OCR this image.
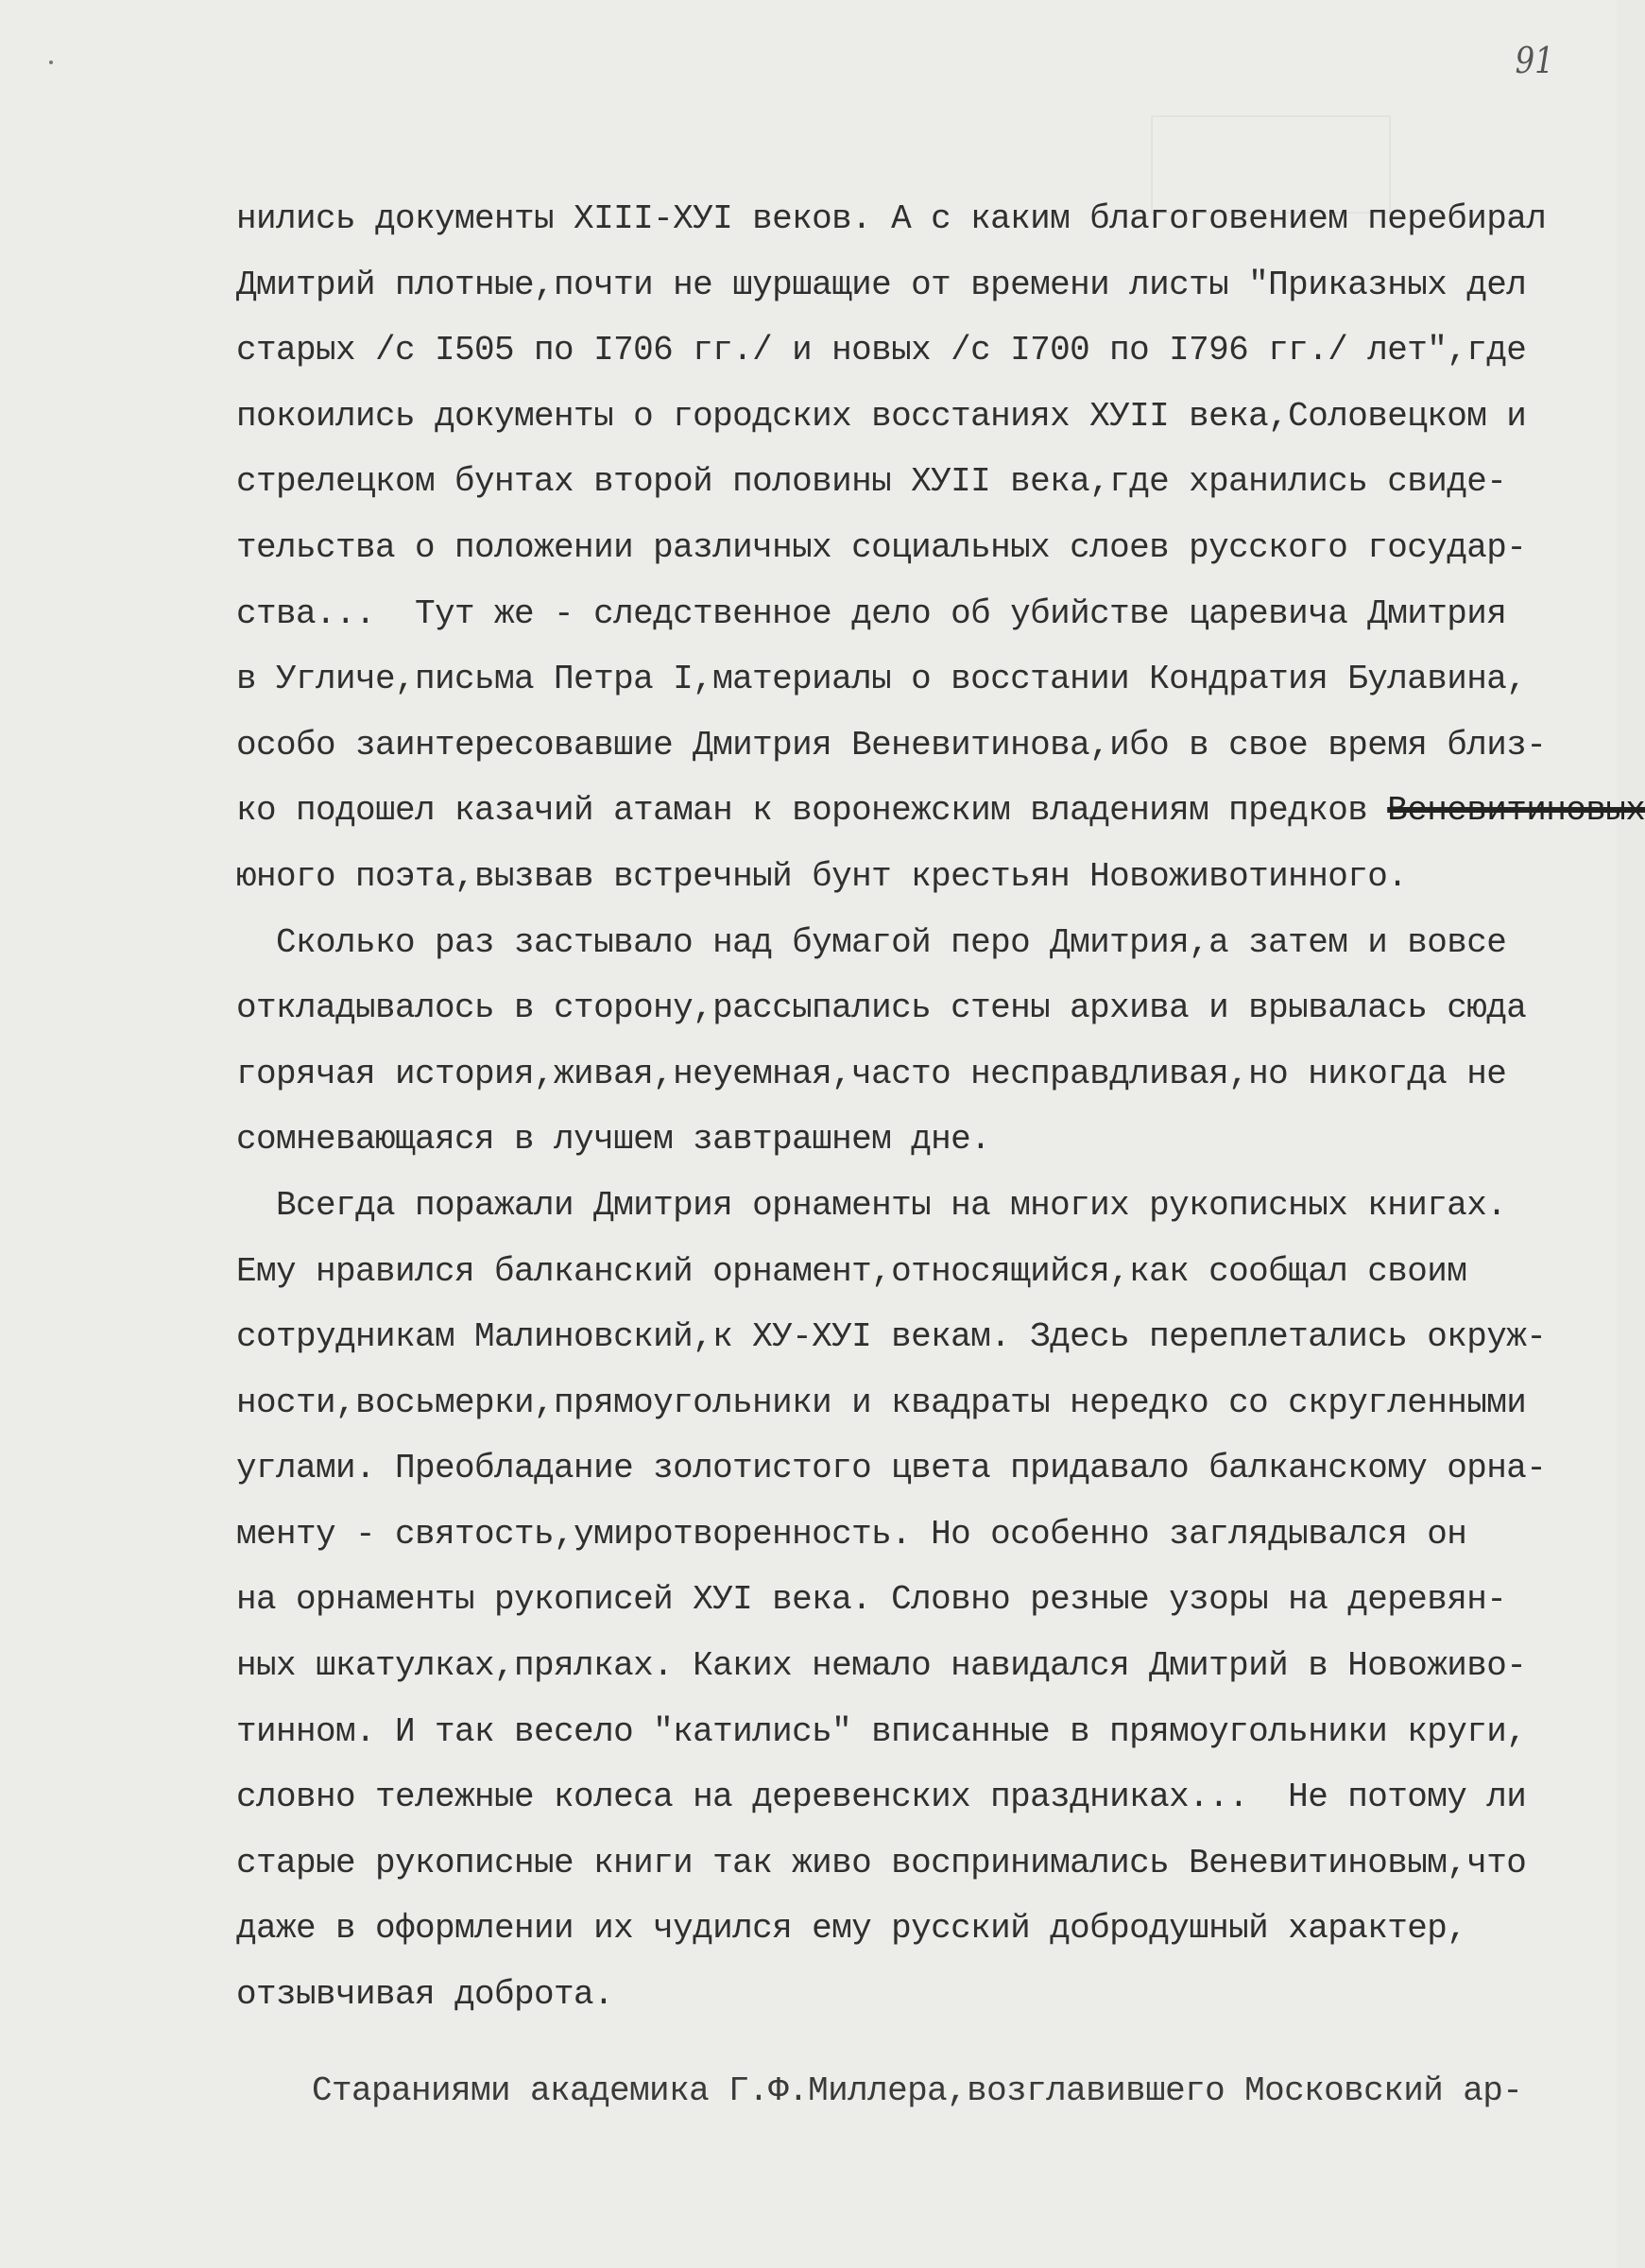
91
нились документы XIII-ХУI веков. А с каким благоговением перебирал
Дмитрий плотные,почти не шуршащие от времени листы "Приказных дел
старых /с I505 по I706 гг./ и новых /с I700 по I796 гг./ лет",где
покоились документы о городских восстаниях ХУII века,Соловецком и
стрелецком бунтах второй половины ХУII века,где хранились свиде-
тельства о положении различных социальных слоев русского государ-
ства...  Тут же - следственное дело об убийстве царевича Дмитрия
в Угличе,письма Петра I,материалы о восстании Кондратия Булавина,
особо заинтересовавшие Дмитрия Веневитинова,ибо в свое время близ-
ко подошел казачий атаман к воронежским владениям предков Веневитиновых
юного поэта,вызвав встречный бунт крестьян Новоживотинного.
Сколько раз застывало над бумагой перо Дмитрия,а затем и вовсе
откладывалось в сторону,рассыпались стены архива и врывалась сюда
горячая история,живая,неуемная,часто несправдливая,но никогда не
сомневающаяся в лучшем завтрашнем дне.
Всегда поражали Дмитрия орнаменты на многих рукописных книгах.
Ему нравился балканский орнамент,относящийся,как сообщал своим
сотрудникам Малиновский,к ХУ-ХУI векам. Здесь переплетались окруж-
ности,восьмерки,прямоугольники и квадраты нередко со скругленными
углами. Преобладание золотистого цвета придавало балканскому орна-
менту - святость,умиротворенность. Но особенно заглядывался он
на орнаменты рукописей ХУI века. Словно резные узоры на деревян-
ных шкатулках,прялках. Каких немало навидался Дмитрий в Новоживо-
тинном. И так весело "катились" вписанные в прямоугольники круги,
словно тележные колеса на деревенских праздниках...  Не потому ли
старые рукописные книги так живо воспринимались Веневитиновым,что
даже в оформлении их чудился ему русский добродушный характер,
отзывчивая доброта.
Стараниями академика Г.Ф.Миллера,возглавившего Московский ар-
